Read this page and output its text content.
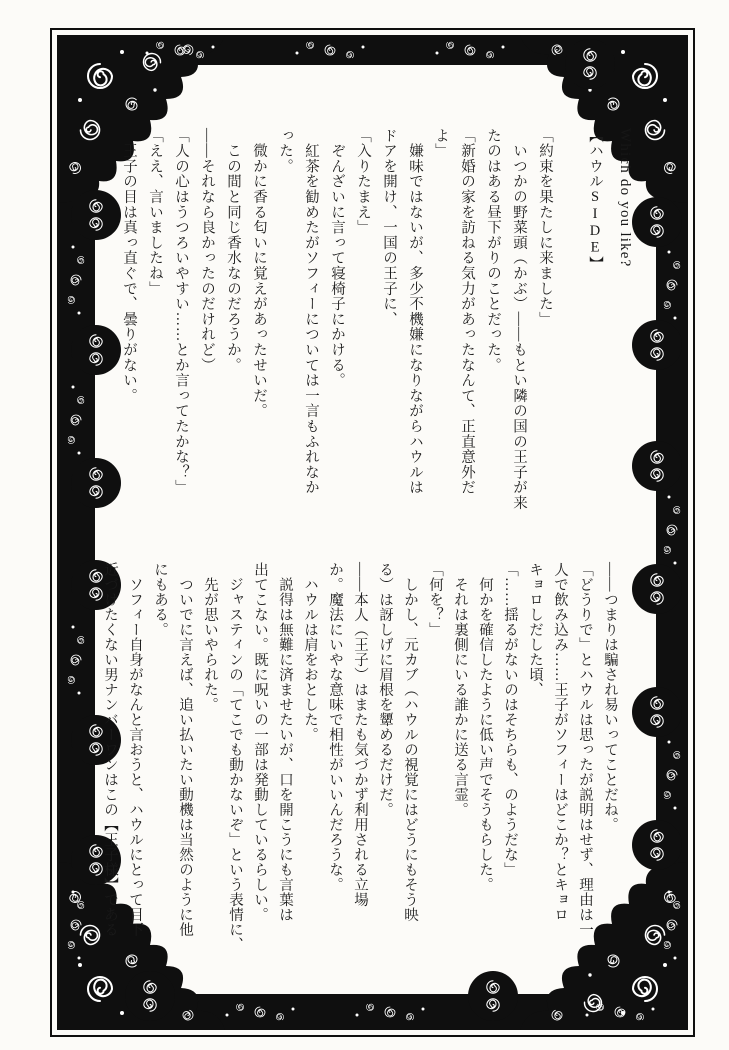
Which do you like?

【ハウルSIDE】

「約束を果たしに来ました」

　いつかの野菜頭（かぶ）――もとい隣の国の王子が来

たのはある昼下がりのことだった。

「新婚の家を訪ねる気力があったなんて、正直意外だ

よ」

　嫌味ではないが、多少不機嫌になりながらハウルは

ドアを開け、一国の王子に、

「入りたまえ」

　ぞんざいに言って寝椅子にかける。

　紅茶を勧めたがソフィーについては一言もふれなか

った。

　微かに香る匂いに覚えがあったせいだ。

　この間と同じ香水なのだろうか。

――それなら良かったのだけれど）

「人の心はうつろいやすい……とか言ってたかな？」

「ええ、言いましたね」

　王子の目は真っ直ぐで、曇りがない。

――つまりは騙され易いってことだね。

「どうりで」とハウルは思ったが説明はせず、理由は一

人で飲み込み……王子がソフィーはどこか？とキョロ

キョロしだした頃、

「……揺るがないのはそちらも、のようだな」

　何かを確信したように低い声でそうもらした。

　それは裏側にいる誰かに送る言霊。

「何を？」

　しかし、元カブ（ハウルの視覚にはどうにもそう映

る）は訝しげに眉根を顰めるだけだ。

――本人（王子）はまたも気づかず利用される立場

か。魔法にいやな意味で相性がいいんだろうな。

　ハウルは肩をおとした。

　説得は無難に済ませたいが、口を開こうにも言葉は

出てこない。既に呪いの一部は発動しているらしい。

　ジャスティンの「てこでも動かないぞ」という表情に、

　先が思いやられた。

　ついでに言えば、追い払いたい動機は当然のように他

にもある。

　ソフィー自身がなんと言おうと、ハウルにとって目下

近づけたくない男ナンバーワンはこの【王子様】である
